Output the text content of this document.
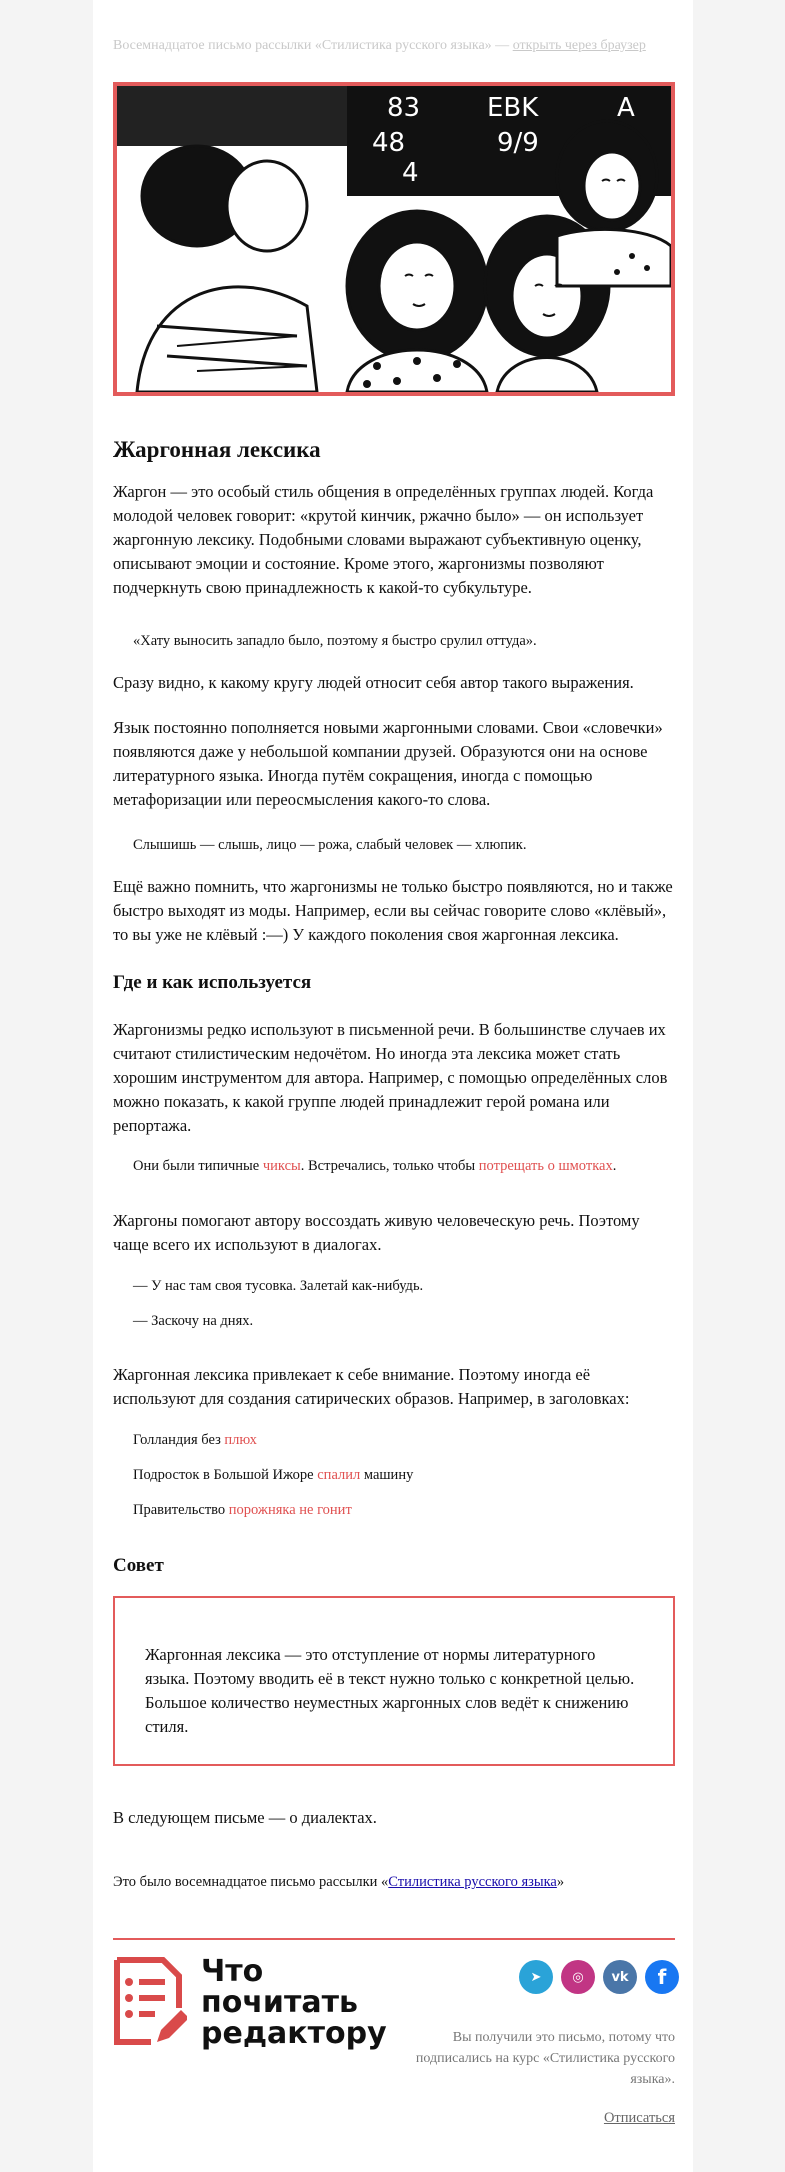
Восемнадцатое письмо рассылки «Стилистика русского языка» — открыть через браузер
83	EBK	A
48	9/9
4
Жаргонная лексика
Жаргон — это особый стиль общения в определённых группах людей. Когда молодой человек говорит: «крутой кинчик, ржачно было» — он использует жаргонную лексику. Подобными словами выражают субъективную оценку, описывают эмоции и состояние. Кроме этого, жаргонизмы позволяют подчеркнуть свою принадлежность к какой-то субкультуре.
«Хату выносить западло было, поэтому я быстро срулил оттуда».
Сразу видно, к какому кругу людей относит себя автор такого выражения.
Язык постоянно пополняется новыми жаргонными словами. Свои «словечки» появляются даже у небольшой компании друзей. Образуются они на основе литературного языка. Иногда путём сокращения, иногда с помощью метафоризации или переосмысления какого-то слова.
Слышишь — слышь, лицо — рожа, слабый человек — хлюпик.
Ещё важно помнить, что жаргонизмы не только быстро появляются, но и также быстро выходят из моды. Например, если вы сейчас говорите слово «клёвый», то вы уже не клёвый :—) У каждого поколения своя жаргонная лексика.
Где и как используется
Жаргонизмы редко используют в письменной речи. В большинстве случаев их считают стилистическим недочётом. Но иногда эта лексика может стать хорошим инструментом для автора. Например, с помощью определённых слов можно показать, к какой группе людей принадлежит герой романа или репортажа.
Они были типичные чиксы. Встречались, только чтобы потрещать о шмотках.
Жаргоны помогают автору воссоздать живую человеческую речь. Поэтому чаще всего их используют в диалогах.
— У нас там своя тусовка. Залетай как-нибудь.
— Заскочу на днях.
Жаргонная лексика привлекает к себе внимание. Поэтому иногда её используют для создания сатирических образов. Например, в заголовках:
Голландия без плюх
Подросток в Большой Ижоре спалил машину
Правительство порожняка не гонит
Совет
Жаргонная лексика — это отступление от нормы литературного языка. Поэтому вводить её в текст нужно только с конкретной целью. Большое количество неуместных жаргонных слов ведёт к снижению стиля.
В следующем письме — о диалектах.
Это было восемнадцатое письмо рассылки «Стилистика русского языка»
Что
почитать
редактору
➤ ◎ vk f
Вы получили это письмо, потому что подписались на курс «Стилистика русского языка».
Отписаться
